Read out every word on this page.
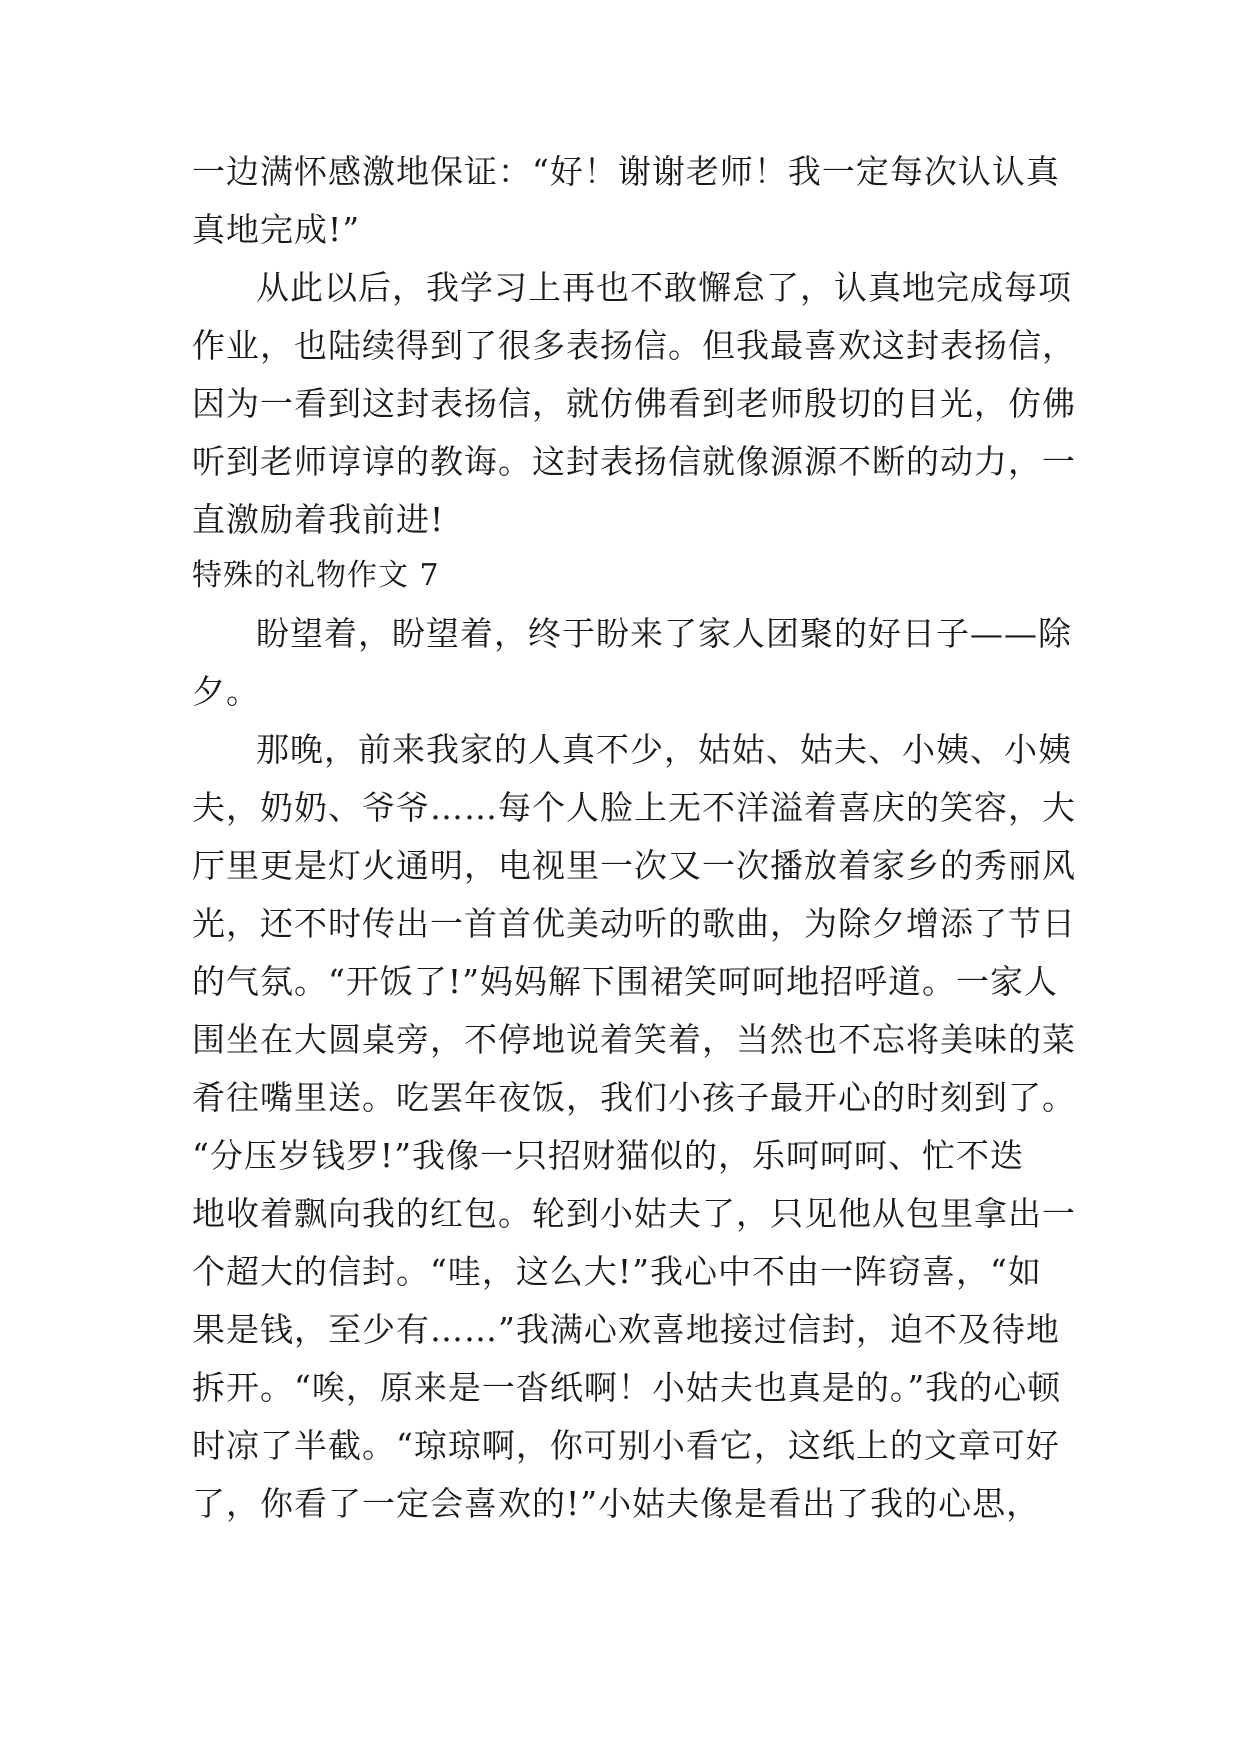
一边满怀感激地保证：“好！谢谢老师！我一定每次认认真
真地完成!”
从此以后，我学习上再也不敢懈怠了，认真地完成每项
作业，也陆续得到了很多表扬信。但我最喜欢这封表扬信，
因为一看到这封表扬信，就仿佛看到老师殷切的目光，仿佛
听到老师谆谆的教诲。这封表扬信就像源源不断的动力，一
直激励着我前进!
特殊的礼物作文 7
盼望着，盼望着，终于盼来了家人团聚的好日子——除
夕。
那晚，前来我家的人真不少，姑姑、姑夫、小姨、小姨
夫，奶奶、爷爷……每个人脸上无不洋溢着喜庆的笑容，大
厅里更是灯火通明，电视里一次又一次播放着家乡的秀丽风
光，还不时传出一首首优美动听的歌曲，为除夕增添了节日
的气氛。“开饭了!”妈妈解下围裙笑呵呵地招呼道。一家人
围坐在大圆桌旁，不停地说着笑着，当然也不忘将美味的菜
肴往嘴里送。吃罢年夜饭，我们小孩子最开心的时刻到了。
“分压岁钱罗!”我像一只招财猫似的，乐呵呵呵、忙不迭
地收着飘向我的红包。轮到小姑夫了，只见他从包里拿出一
个超大的信封。“哇，这么大!”我心中不由一阵窃喜，“如
果是钱，至少有……”我满心欢喜地接过信封，迫不及待地
拆开。“唉，原来是一沓纸啊！小姑夫也真是的。”我的心顿
时凉了半截。“琼琼啊，你可别小看它，这纸上的文章可好
了，你看了一定会喜欢的!”小姑夫像是看出了我的心思，
